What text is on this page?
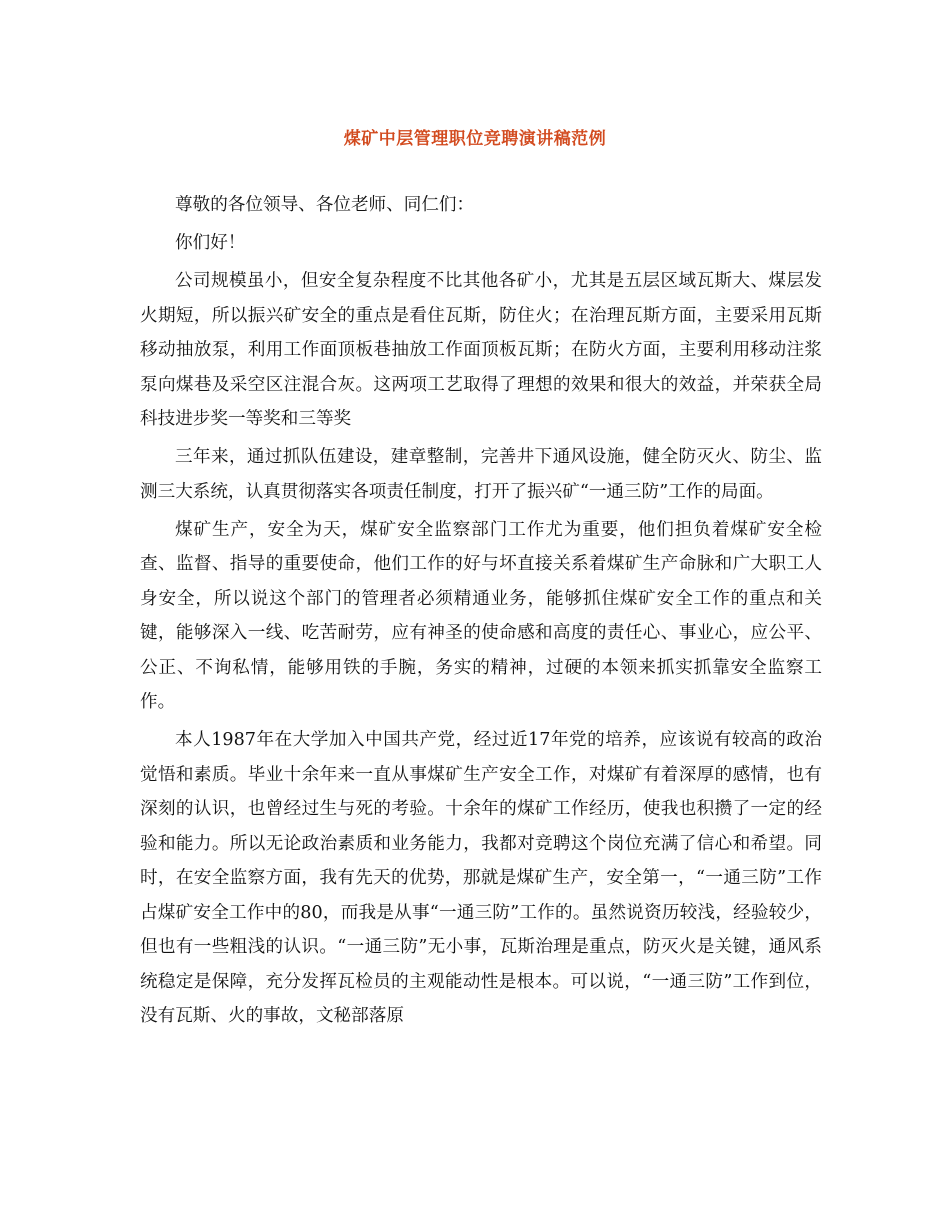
煤矿中层管理职位竞聘演讲稿范例

尊敬的各位领导、各位老师、同仁们：

你们好！

公司规模虽小，但安全复杂程度不比其他各矿小，尤其是五层区域瓦斯大、煤层发火期短，所以振兴矿安全的重点是看住瓦斯，防住火；在治理瓦斯方面，主要采用瓦斯移动抽放泵，利用工作面顶板巷抽放工作面顶板瓦斯；在防火方面，主要利用移动注浆泵向煤巷及采空区注混合灰。这两项工艺取得了理想的效果和很大的效益，并荣获全局科技进步奖一等奖和三等奖

三年来，通过抓队伍建设，建章整制，完善井下通风设施，健全防灭火、防尘、监测三大系统，认真贯彻落实各项责任制度，打开了振兴矿“一通三防”工作的局面。

煤矿生产，安全为天，煤矿安全监察部门工作尤为重要，他们担负着煤矿安全检查、监督、指导的重要使命，他们工作的好与坏直接关系着煤矿生产命脉和广大职工人身安全，所以说这个部门的管理者必须精通业务，能够抓住煤矿安全工作的重点和关键，能够深入一线、吃苦耐劳，应有神圣的使命感和高度的责任心、事业心，应公平、公正、不询私情，能够用铁的手腕，务实的精神，过硬的本领来抓实抓靠安全监察工作。

本人1987年在大学加入中国共产党，经过近17年党的培养，应该说有较高的政治觉悟和素质。毕业十余年来一直从事煤矿生产安全工作，对煤矿有着深厚的感情，也有深刻的认识，也曾经过生与死的考验。十余年的煤矿工作经历，使我也积攒了一定的经验和能力。所以无论政治素质和业务能力，我都对竞聘这个岗位充满了信心和希望。同时，在安全监察方面，我有先天的优势，那就是煤矿生产，安全第一，“一通三防”工作占煤矿安全工作中的80，而我是从事“一通三防”工作的。虽然说资历较浅，经验较少，但也有一些粗浅的认识。“一通三防”无小事，瓦斯治理是重点，防灭火是关键，通风系统稳定是保障，充分发挥瓦检员的主观能动性是根本。可以说，“一通三防”工作到位，没有瓦斯、火的事故，文秘部落原
